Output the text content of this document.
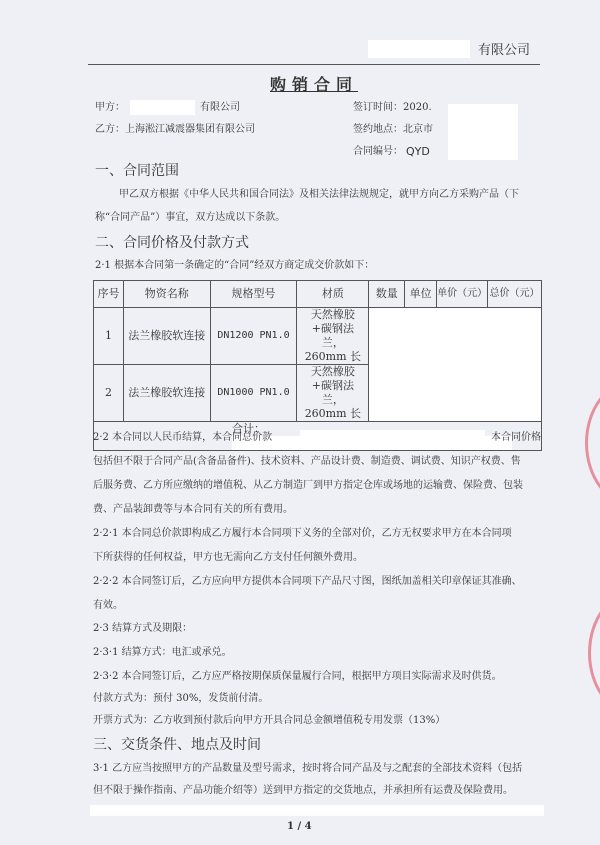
有限公司
购销合同
甲方：	有限公司
乙方：上海淞江减震器集团有限公司
签订时间：2020.
签约地点：北京市
合同编号： QYD
一、合同范围
甲乙双方根据《中华人民共和国合同法》及相关法律法规规定，就甲方向乙方采购产品（下
称“合同产品”）事宜，双方达成以下条款。
二、合同价格及付款方式
2·1 根据本合同第一条确定的“合同”经双方商定成交价款如下：
序号	物资名称	规格型号	材质	数量	单位	单价（元）	总价（元）
1	法兰橡胶软连接	DN1200 PN1.0	天然橡胶+碳钢法兰，260mm 长				
2	法兰橡胶软连接	DN1000 PN1.0	天然橡胶+碳钢法兰，260mm 长				
合计：							
2·2 本合同以人民币结算，本合同总价款	本合同价格
包括但不限于合同产品(含备品备件)、技术资料、产品设计费、制造费、调试费、知识产权费、售
后服务费、乙方所应缴纳的增值税、从乙方制造厂到甲方指定仓库或场地的运输费、保险费、包装
费、产品装卸费等与本合同有关的所有费用。
2·2·1 本合同总价款即构成乙方履行本合同项下义务的全部对价，乙方无权要求甲方在本合同项
下所获得的任何权益，甲方也无需向乙方支付任何额外费用。
2·2·2 本合同签订后，乙方应向甲方提供本合同项下产品尺寸图，图纸加盖相关印章保证其准确、
有效。
2·3 结算方式及期限：
2·3·1 结算方式：电汇或承兑。
2·3·2 本合同签订后，乙方应严格按期保质保量履行合同，根据甲方项目实际需求及时供货。
付款方式为：预付 30%，发货前付清。
开票方式为：乙方收到预付款后向甲方开具合同总金额增值税专用发票（13%）
三、交货条件、地点及时间
3·1 乙方应当按照甲方的产品数量及型号需求，按时将合同产品及与之配套的全部技术资料（包括
但不限于操作指南、产品功能介绍等）送到甲方指定的交货地点，并承担所有运费及保险费用。
1 / 4
